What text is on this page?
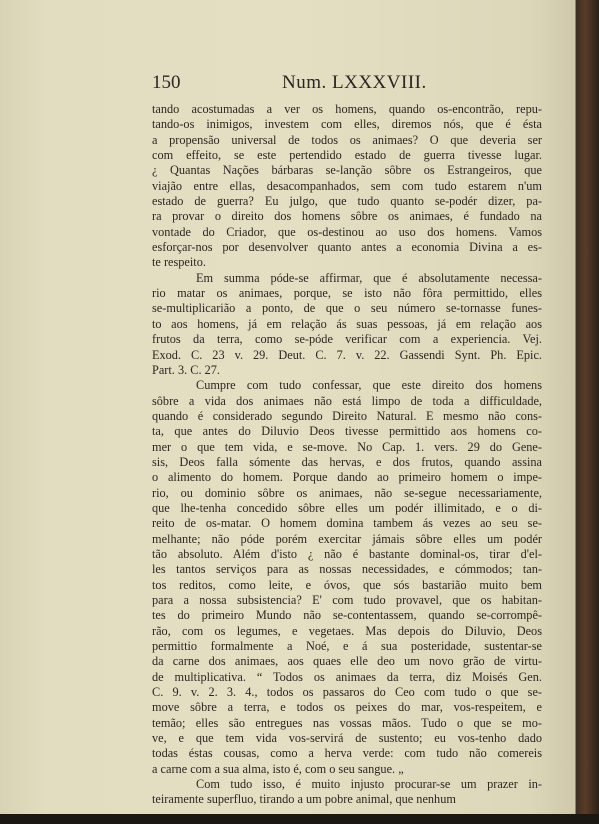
150	Num. LXXXVIII.
tando acostumadas a ver os homens, quando os-encontrão, repu-
tando-os inimigos, investem com elles, diremos nós, que é ésta
a propensão universal de todos os animaes? O que deveria ser
com effeito, se este pertendido estado de guerra tivesse lugar.
¿ Quantas Nações bárbaras se-lanção sôbre os Estrangeiros, que
viajão entre ellas, desacompanhados, sem com tudo estarem n'um
estado de guerra? Eu julgo, que tudo quanto se-podér dizer, pa-
ra provar o direito dos homens sôbre os animaes, é fundado na
vontade do Criador, que os-destinou ao uso dos homens. Vamos
esforçar-nos por desenvolver quanto antes a economia Divina a es-
te respeito.
Em summa póde-se affirmar, que é absolutamente necessa-
rio matar os animaes, porque, se isto não fôra permittido, elles
se-multiplicarião a ponto, de que o seu número se-tornasse funes-
to aos homens, já em relação ás suas pessoas, já em relação aos
frutos da terra, como se-póde verificar com a experiencia. Vej.
Exod. C. 23 v. 29. Deut. C. 7. v. 22. Gassendi Synt. Ph. Epic.
Part. 3. C. 27.
Cumpre com tudo confessar, que este direito dos homens
sôbre a vida dos animaes não está limpo de toda a difficuldade,
quando é considerado segundo Direito Natural. E mesmo não cons-
ta, que antes do Diluvio Deos tivesse permittido aos homens co-
mer o que tem vida, e se-move. No Cap. 1. vers. 29 do Gene-
sis, Deos falla sómente das hervas, e dos frutos, quando assina
o alimento do homem. Porque dando ao primeiro homem o impe-
rio, ou dominio sôbre os animaes, não se-segue necessariamente,
que lhe-tenha concedido sôbre elles um podér illimitado, e o di-
reito de os-matar. O homem domina tambem ás vezes ao seu se-
melhante; não póde porém exercitar jámais sôbre elles um podér
tão absoluto. Além d'isto ¿ não é bastante dominal-os, tirar d'el-
les tantos serviços para as nossas necessidades, e cómmodos; tan-
tos reditos, como leite, e óvos, que sós bastarião muito bem
para a nossa subsistencia? E' com tudo provavel, que os habitan-
tes do primeiro Mundo não se-contentassem, quando se-corrompê-
rão, com os legumes, e vegetaes. Mas depois do Diluvio, Deos
permittio formalmente a Noé, e á sua posteridade, sustentar-se
da carne dos animaes, aos quaes elle deo um novo grão de virtu-
de multiplicativa. “ Todos os animaes da terra, diz Moisés Gen.
C. 9. v. 2. 3. 4., todos os passaros do Ceo com tudo o que se-
move sôbre a terra, e todos os peixes do mar, vos-respeitem, e
temão; elles são entregues nas vossas mãos. Tudo o que se mo-
ve, e que tem vida vos-servirá de sustento; eu vos-tenho dado
todas éstas cousas, como a herva verde: com tudo não comereis
a carne com a sua alma, isto é, com o seu sangue. „
Com tudo isso, é muito injusto procurar-se um prazer in-
teiramente superfluo, tirando a um pobre animal, que nenhum
